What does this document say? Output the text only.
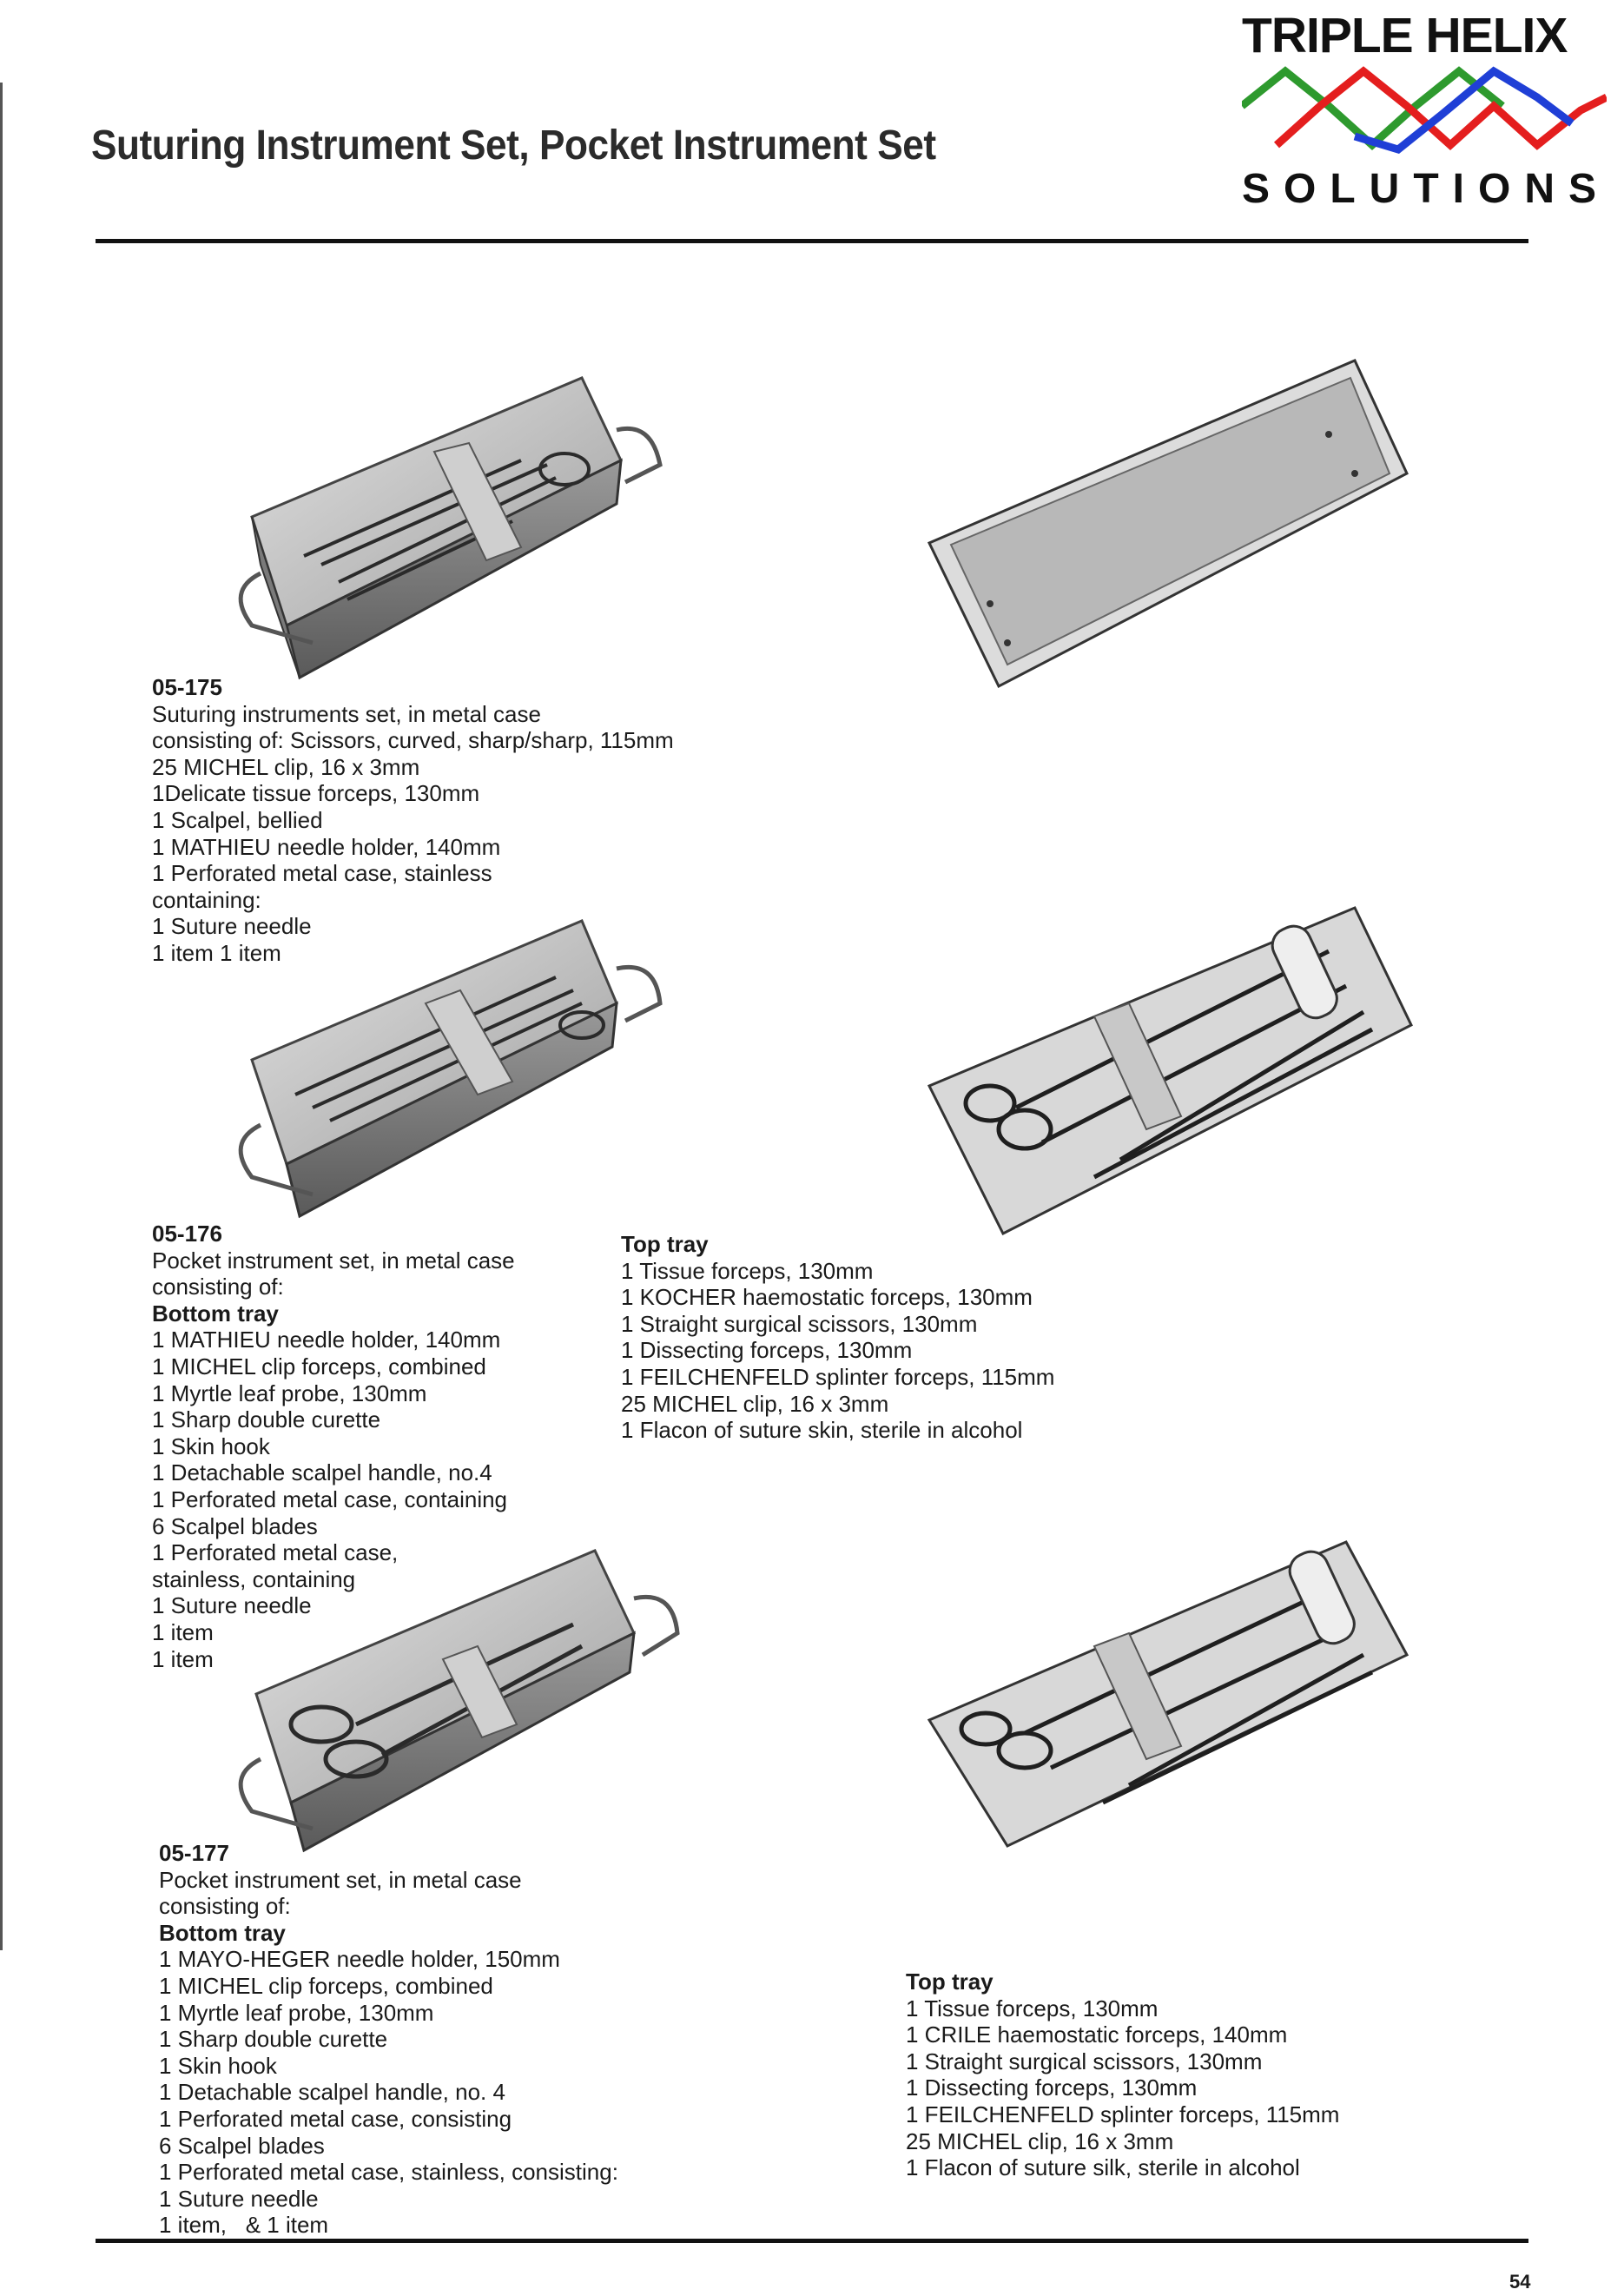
Suturing Instrument Set, Pocket Instrument Set
TRIPLE HELIX
SOLUTIONS
05-175
Suturing instruments set, in metal case
consisting of: Scissors, curved, sharp/sharp, 115mm
25 MICHEL clip, 16 x 3mm
1Delicate tissue forceps, 130mm
1 Scalpel, bellied
1 MATHIEU needle holder, 140mm
1 Perforated metal case, stainless
containing:
1 Suture needle
1 item 1 item
05-176
Pocket instrument set, in metal case
consisting of:
Bottom tray
1 MATHIEU needle holder, 140mm
1 MICHEL clip forceps, combined
1 Myrtle leaf probe, 130mm
1 Sharp double curette
1 Skin hook
1 Detachable scalpel handle, no.4
1 Perforated metal case, containing
6 Scalpel blades
1 Perforated metal case,
stainless, containing
1 Suture needle
1 item
1 item
Top tray
1 Tissue forceps, 130mm
1 KOCHER haemostatic forceps, 130mm
1 Straight surgical scissors, 130mm
1 Dissecting forceps, 130mm
1 FEILCHENFELD splinter forceps, 115mm
25 MICHEL clip, 16 x 3mm
1 Flacon of suture skin, sterile in alcohol
05-177
Pocket instrument set, in metal case
consisting of:
Bottom tray
1 MAYO-HEGER needle holder, 150mm
1 MICHEL clip forceps, combined
1 Myrtle leaf probe, 130mm
1 Sharp double curette
1 Skin hook
1 Detachable scalpel handle, no. 4
1 Perforated metal case, consisting
6 Scalpel blades
1 Perforated metal case, stainless, consisting:
1 Suture needle
1 item,   & 1 item
Top tray
1 Tissue forceps, 130mm
1 CRILE haemostatic forceps, 140mm
1 Straight surgical scissors, 130mm
1 Dissecting forceps, 130mm
1 FEILCHENFELD splinter forceps, 115mm
25 MICHEL clip, 16 x 3mm
1 Flacon of suture silk, sterile in alcohol
54
